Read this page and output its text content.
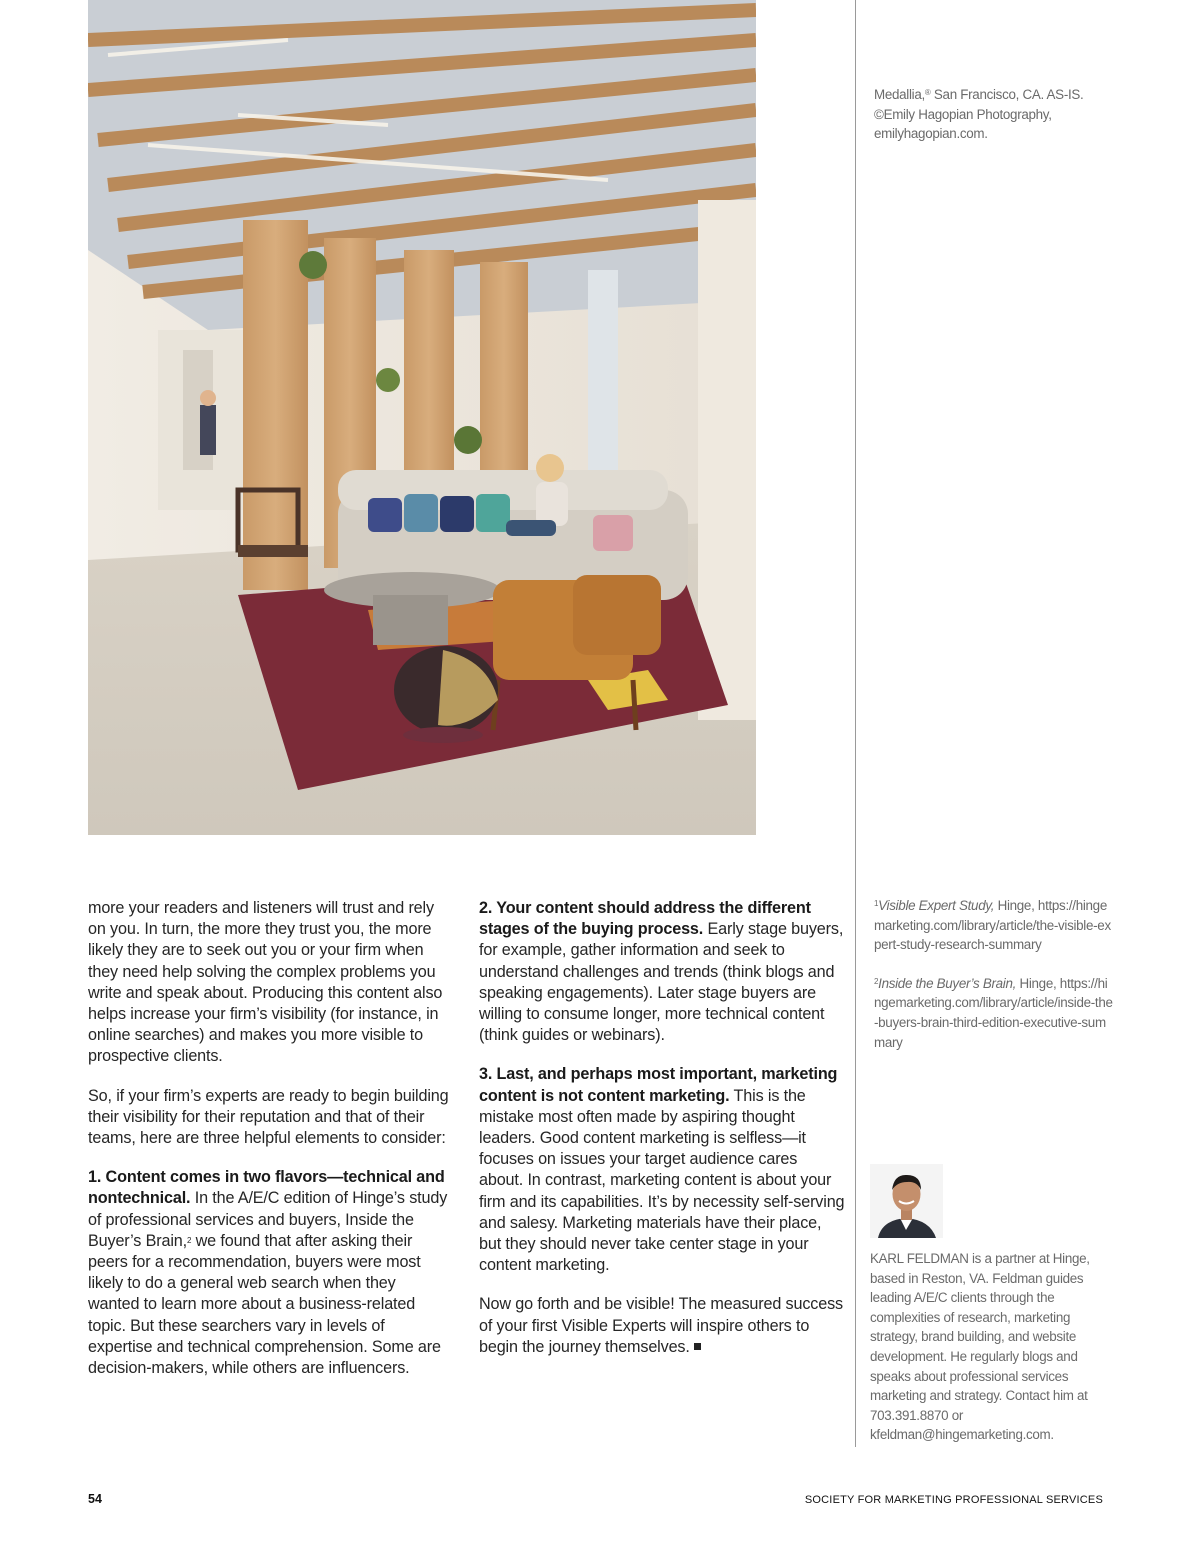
Medallia,® San Francisco, CA. AS-IS.

©Emily Hagopian Photography,

emilyhagopian.com.

$^1$Visible Expert Study, Hinge, https://hingemarketing.com/library/article/the-visible-expert-study-research-summary

$^2$Inside the Buyer’s Brain, Hinge, https://hingemarketing.com/library/article/inside-the-buyers-brain-third-edition-executive-summary

KARL FELDMAN is a partner at Hinge, based in Reston, VA. Feldman guides leading A/E/C clients through the complexities of research, marketing strategy, brand building, and website development. He regularly blogs and speaks about professional services marketing and strategy. Contact him at 703.391.8870 or kfeldman@hingemarketing.com.

more your readers and listeners will trust and rely on you. In turn, the more they trust you, the more likely they are to seek out you or your firm when they need help solving the complex problems you write and speak about. Producing this content also helps increase your firm’s visibility (for instance, in online searches) and makes you more visible to prospective clients.

So, if your firm’s experts are ready to begin building their visibility for their reputation and that of their teams, here are three helpful elements to consider:

1. Content comes in two flavors—technical and nontechnical. In the A/E/C edition of Hinge’s study of professional services and buyers, Inside the Buyer’s Brain,$^2$ we found that after asking their peers for a recommendation, buyers were most likely to do a general web search when they wanted to learn more about a business-related topic. But these searchers vary in levels of expertise and technical comprehension. Some are decision-makers, while others are influencers.

2. Your content should address the different stages of the buying process. Early stage buyers, for example, gather information and seek to understand challenges and trends (think blogs and speaking engagements). Later stage buyers are willing to consume longer, more technical content (think guides or webinars).

3. Last, and perhaps most important, marketing content is not content marketing. This is the mistake most often made by aspiring thought leaders. Good content marketing is selfless—it focuses on issues your target audience cares about. In contrast, marketing content is about your firm and its capabilities. It’s by necessity self-serving and salesy. Marketing materials have their place, but they should never take center stage in your content marketing.

Now go forth and be visible! The measured success of your first Visible Experts will inspire others to begin the journey themselves.

54	SOCIETY FOR MARKETING PROFESSIONAL SERVICES
